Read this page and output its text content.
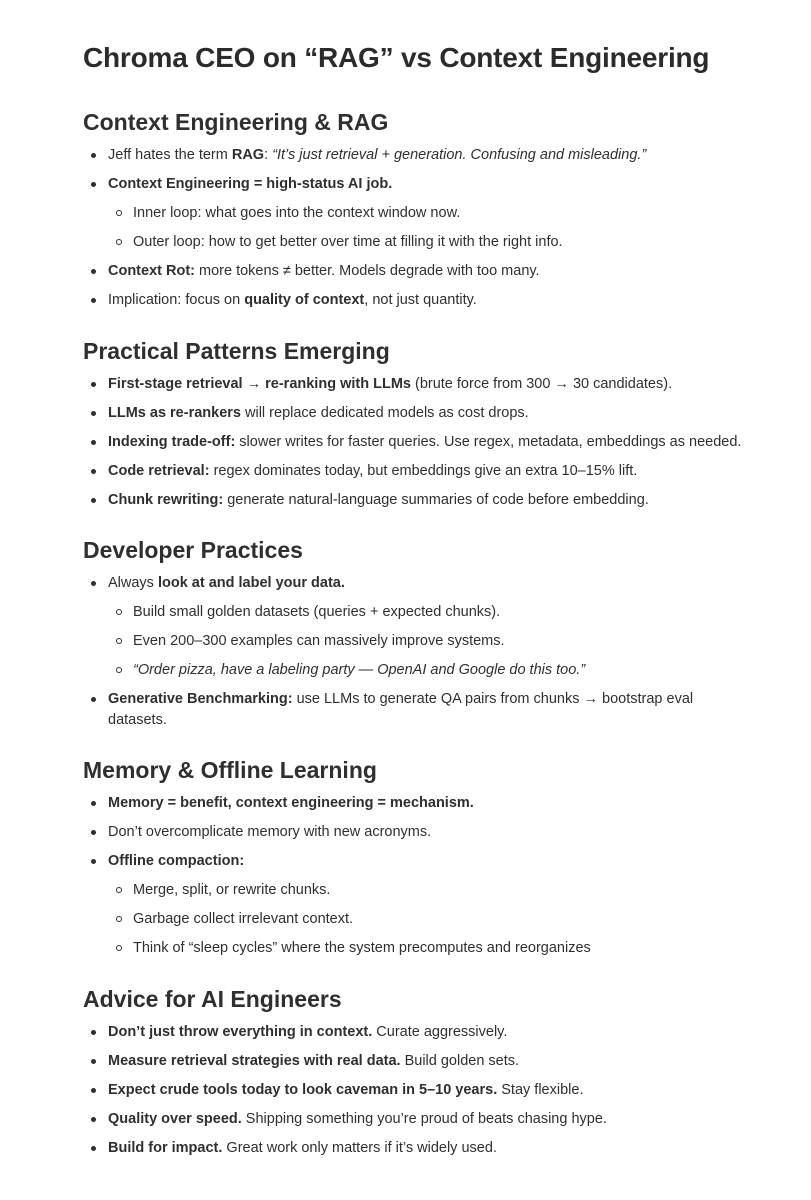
Chroma CEO on “RAG” vs Context Engineering
Context Engineering & RAG
Jeff hates the term RAG: “It’s just retrieval + generation. Confusing and misleading.”
Context Engineering = high-status AI job.
Inner loop: what goes into the context window now.
Outer loop: how to get better over time at filling it with the right info.
Context Rot: more tokens ≠ better. Models degrade with too many.
Implication: focus on quality of context, not just quantity.
Practical Patterns Emerging
First-stage retrieval → re-ranking with LLMs (brute force from 300 → 30 candidates).
LLMs as re-rankers will replace dedicated models as cost drops.
Indexing trade-off: slower writes for faster queries. Use regex, metadata, embeddings as needed.
Code retrieval: regex dominates today, but embeddings give an extra 10–15% lift.
Chunk rewriting: generate natural-language summaries of code before embedding.
Developer Practices
Always look at and label your data.
Build small golden datasets (queries + expected chunks).
Even 200–300 examples can massively improve systems.
“Order pizza, have a labeling party — OpenAI and Google do this too.”
Generative Benchmarking: use LLMs to generate QA pairs from chunks → bootstrap eval datasets.
Memory & Offline Learning
Memory = benefit, context engineering = mechanism.
Don’t overcomplicate memory with new acronyms.
Offline compaction:
Merge, split, or rewrite chunks.
Garbage collect irrelevant context.
Think of “sleep cycles” where the system precomputes and reorganizes
Advice for AI Engineers
Don’t just throw everything in context. Curate aggressively.
Measure retrieval strategies with real data. Build golden sets.
Expect crude tools today to look caveman in 5–10 years. Stay flexible.
Quality over speed. Shipping something you’re proud of beats chasing hype.
Build for impact. Great work only matters if it’s widely used.
